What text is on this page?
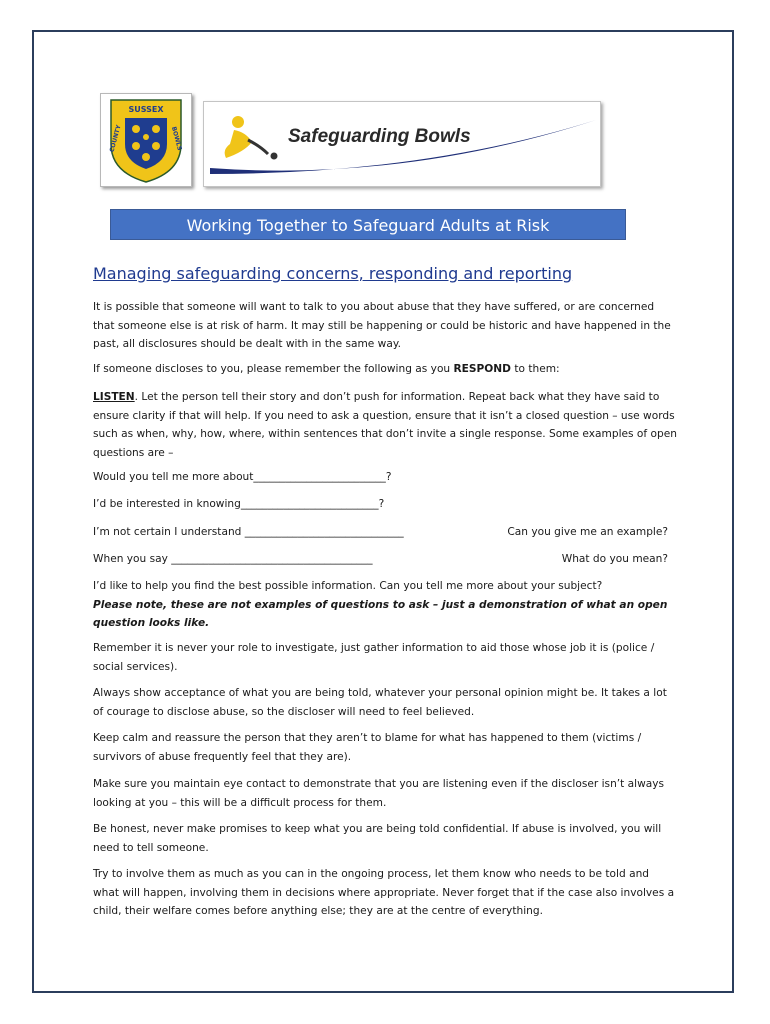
SUSSEX
COUNTY	BOWLS	Safeguarding Bowls
Working Together to Safeguard Adults at Risk
Managing safeguarding concerns, responding and reporting

It is possible that someone will want to talk to you about abuse that they have suffered, or are concerned that someone else is at risk of harm. It may still be happening or could be historic and have happened in the past, all disclosures should be dealt with in the same way.

If someone discloses to you, please remember the following as you RESPOND to them:

LISTEN. Let the person tell their story and don’t push for information. Repeat back what they have said to ensure clarity if that will help. If you need to ask a question, ensure that it isn’t a closed question – use words such as when, why, how, where, within sentences that don’t invite a single response. Some examples of open questions are –

Would you tell me more about_________________________?
I’d be interested in knowing__________________________?
I’m not certain I understand ______________________________	Can you give me an example?
When you say ______________________________________	What do you mean?

I’d like to help you find the best possible information. Can you tell me more about your subject?
Please note, these are not examples of questions to ask – just a demonstration of what an open question looks like.

Remember it is never your role to investigate, just gather information to aid those whose job it is (police / social services).

Always show acceptance of what you are being told, whatever your personal opinion might be. It takes a lot of courage to disclose abuse, so the discloser will need to feel believed.

Keep calm and reassure the person that they aren’t to blame for what has happened to them (victims / survivors of abuse frequently feel that they are).

Make sure you maintain eye contact to demonstrate that you are listening even if the discloser isn’t always looking at you – this will be a difficult process for them.

Be honest, never make promises to keep what you are being told confidential. If abuse is involved, you will need to tell someone.

Try to involve them as much as you can in the ongoing process, let them know who needs to be told and what will happen, involving them in decisions where appropriate. Never forget that if the case also involves a child, their welfare comes before anything else; they are at the centre of everything.
